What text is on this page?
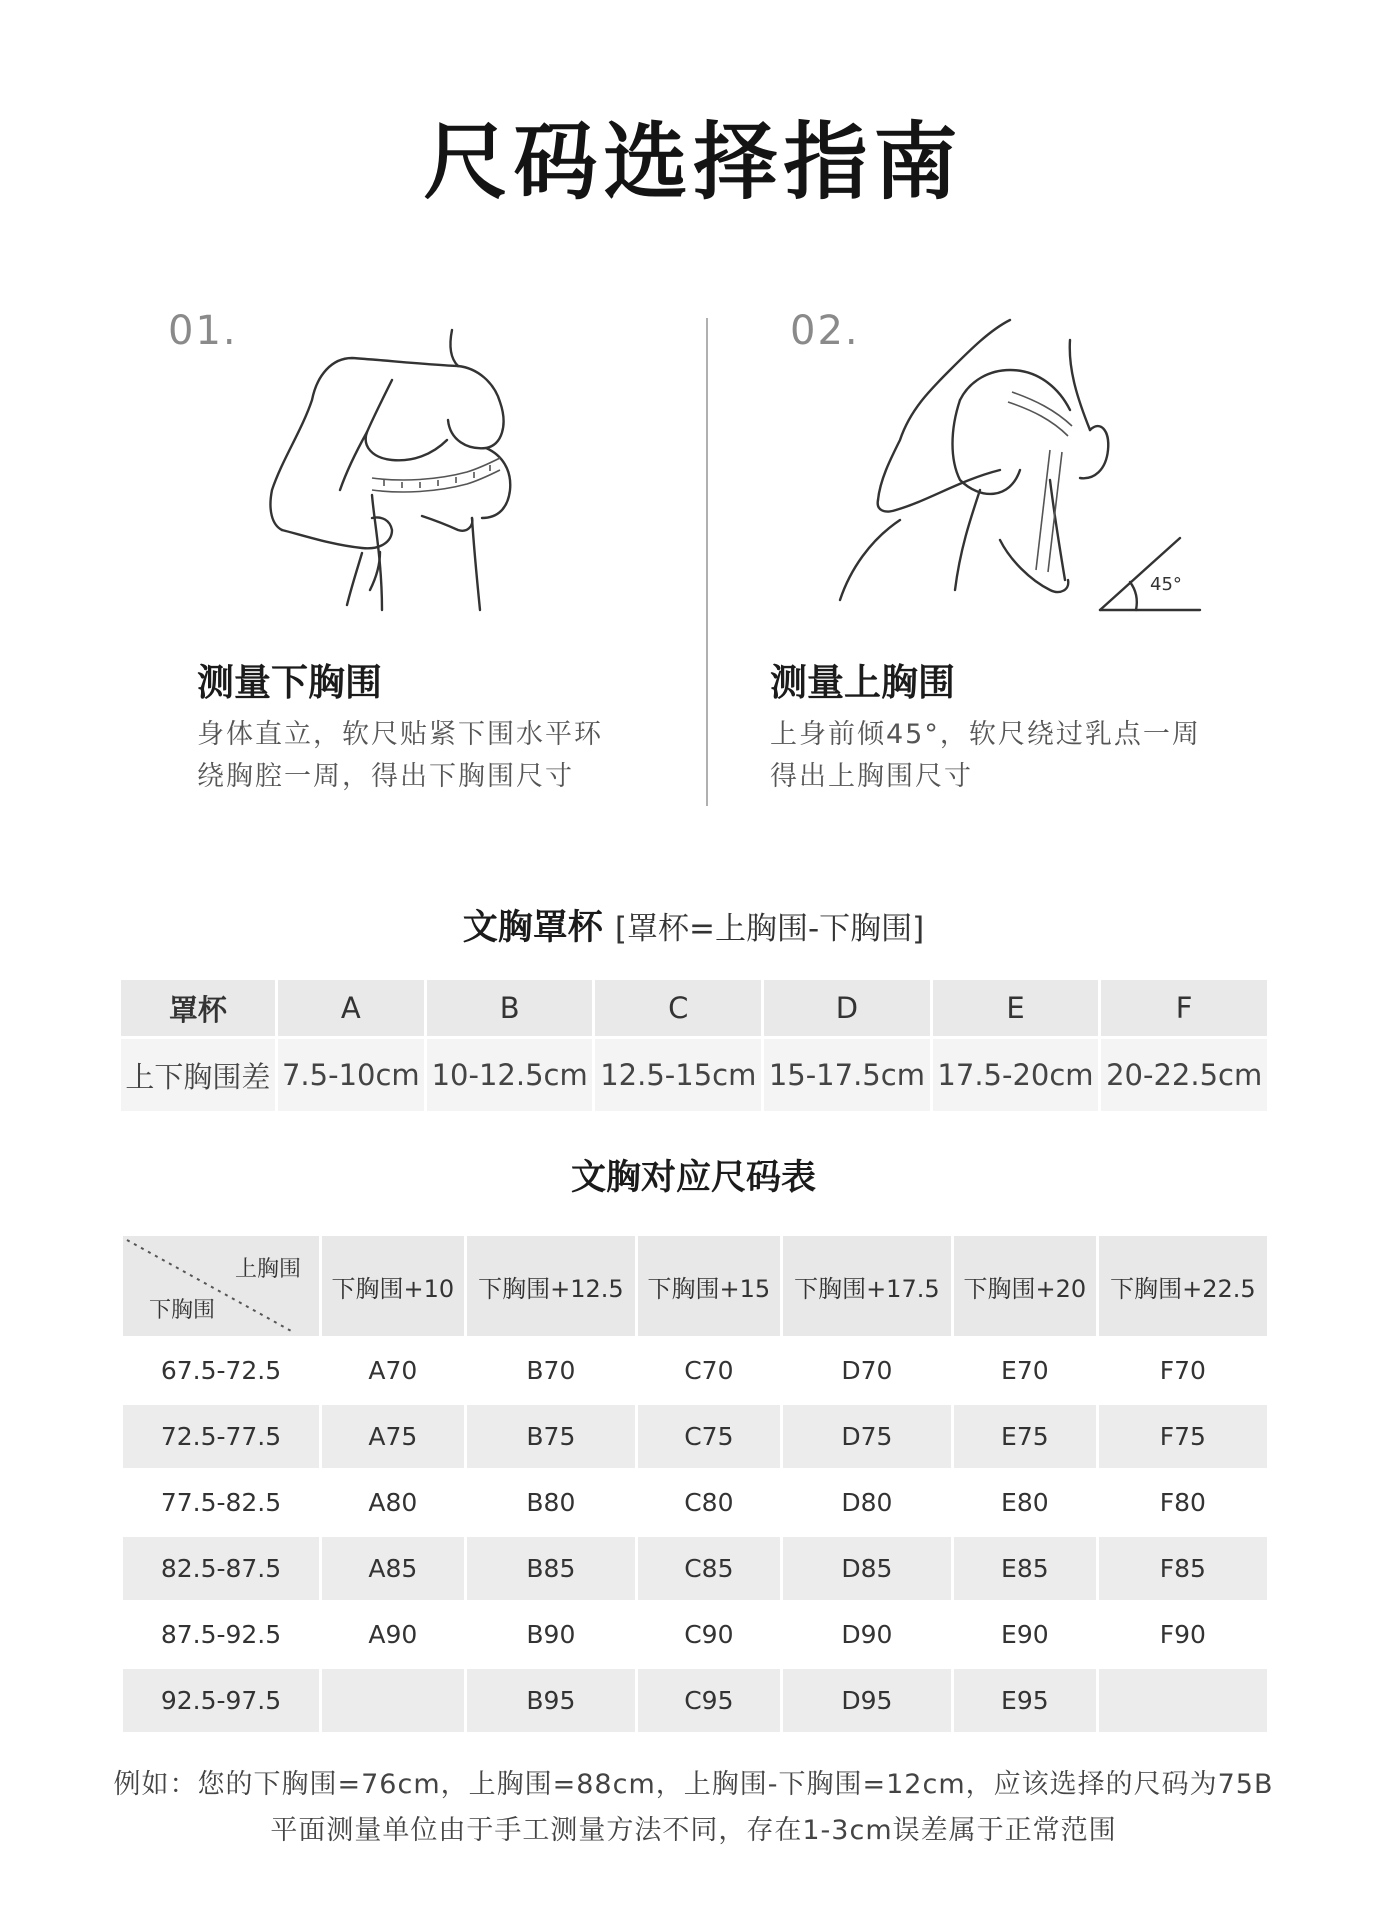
尺码选择指南
01.
测量下胸围
身体直立，软尺贴紧下围水平环
绕胸腔一周，得出下胸围尺寸
02.
45°
测量上胸围
上身前倾45°，软尺绕过乳点一周
得出上胸围尺寸
文胸罩杯 [罩杯=上胸围-下胸围]
罩杯	A	B	C	D	E	F
上下胸围差	7.5-10cm	10-12.5cm	12.5-15cm	15-17.5cm	17.5-20cm	20-22.5cm
文胸对应尺码表
上胸围
下胸围	下胸围+10	下胸围+12.5	下胸围+15	下胸围+17.5	下胸围+20	下胸围+22.5
67.5-72.5	A70	B70	C70	D70	E70	F70
72.5-77.5	A75	B75	C75	D75	E75	F75
77.5-82.5	A80	B80	C80	D80	E80	F80
82.5-87.5	A85	B85	C85	D85	E85	F85
87.5-92.5	A90	B90	C90	D90	E90	F90
92.5-97.5		B95	C95	D95	E95	
例如：您的下胸围=76cm，上胸围=88cm，上胸围-下胸围=12cm，应该选择的尺码为75B
平面测量单位由于手工测量方法不同，存在1-3cm误差属于正常范围
